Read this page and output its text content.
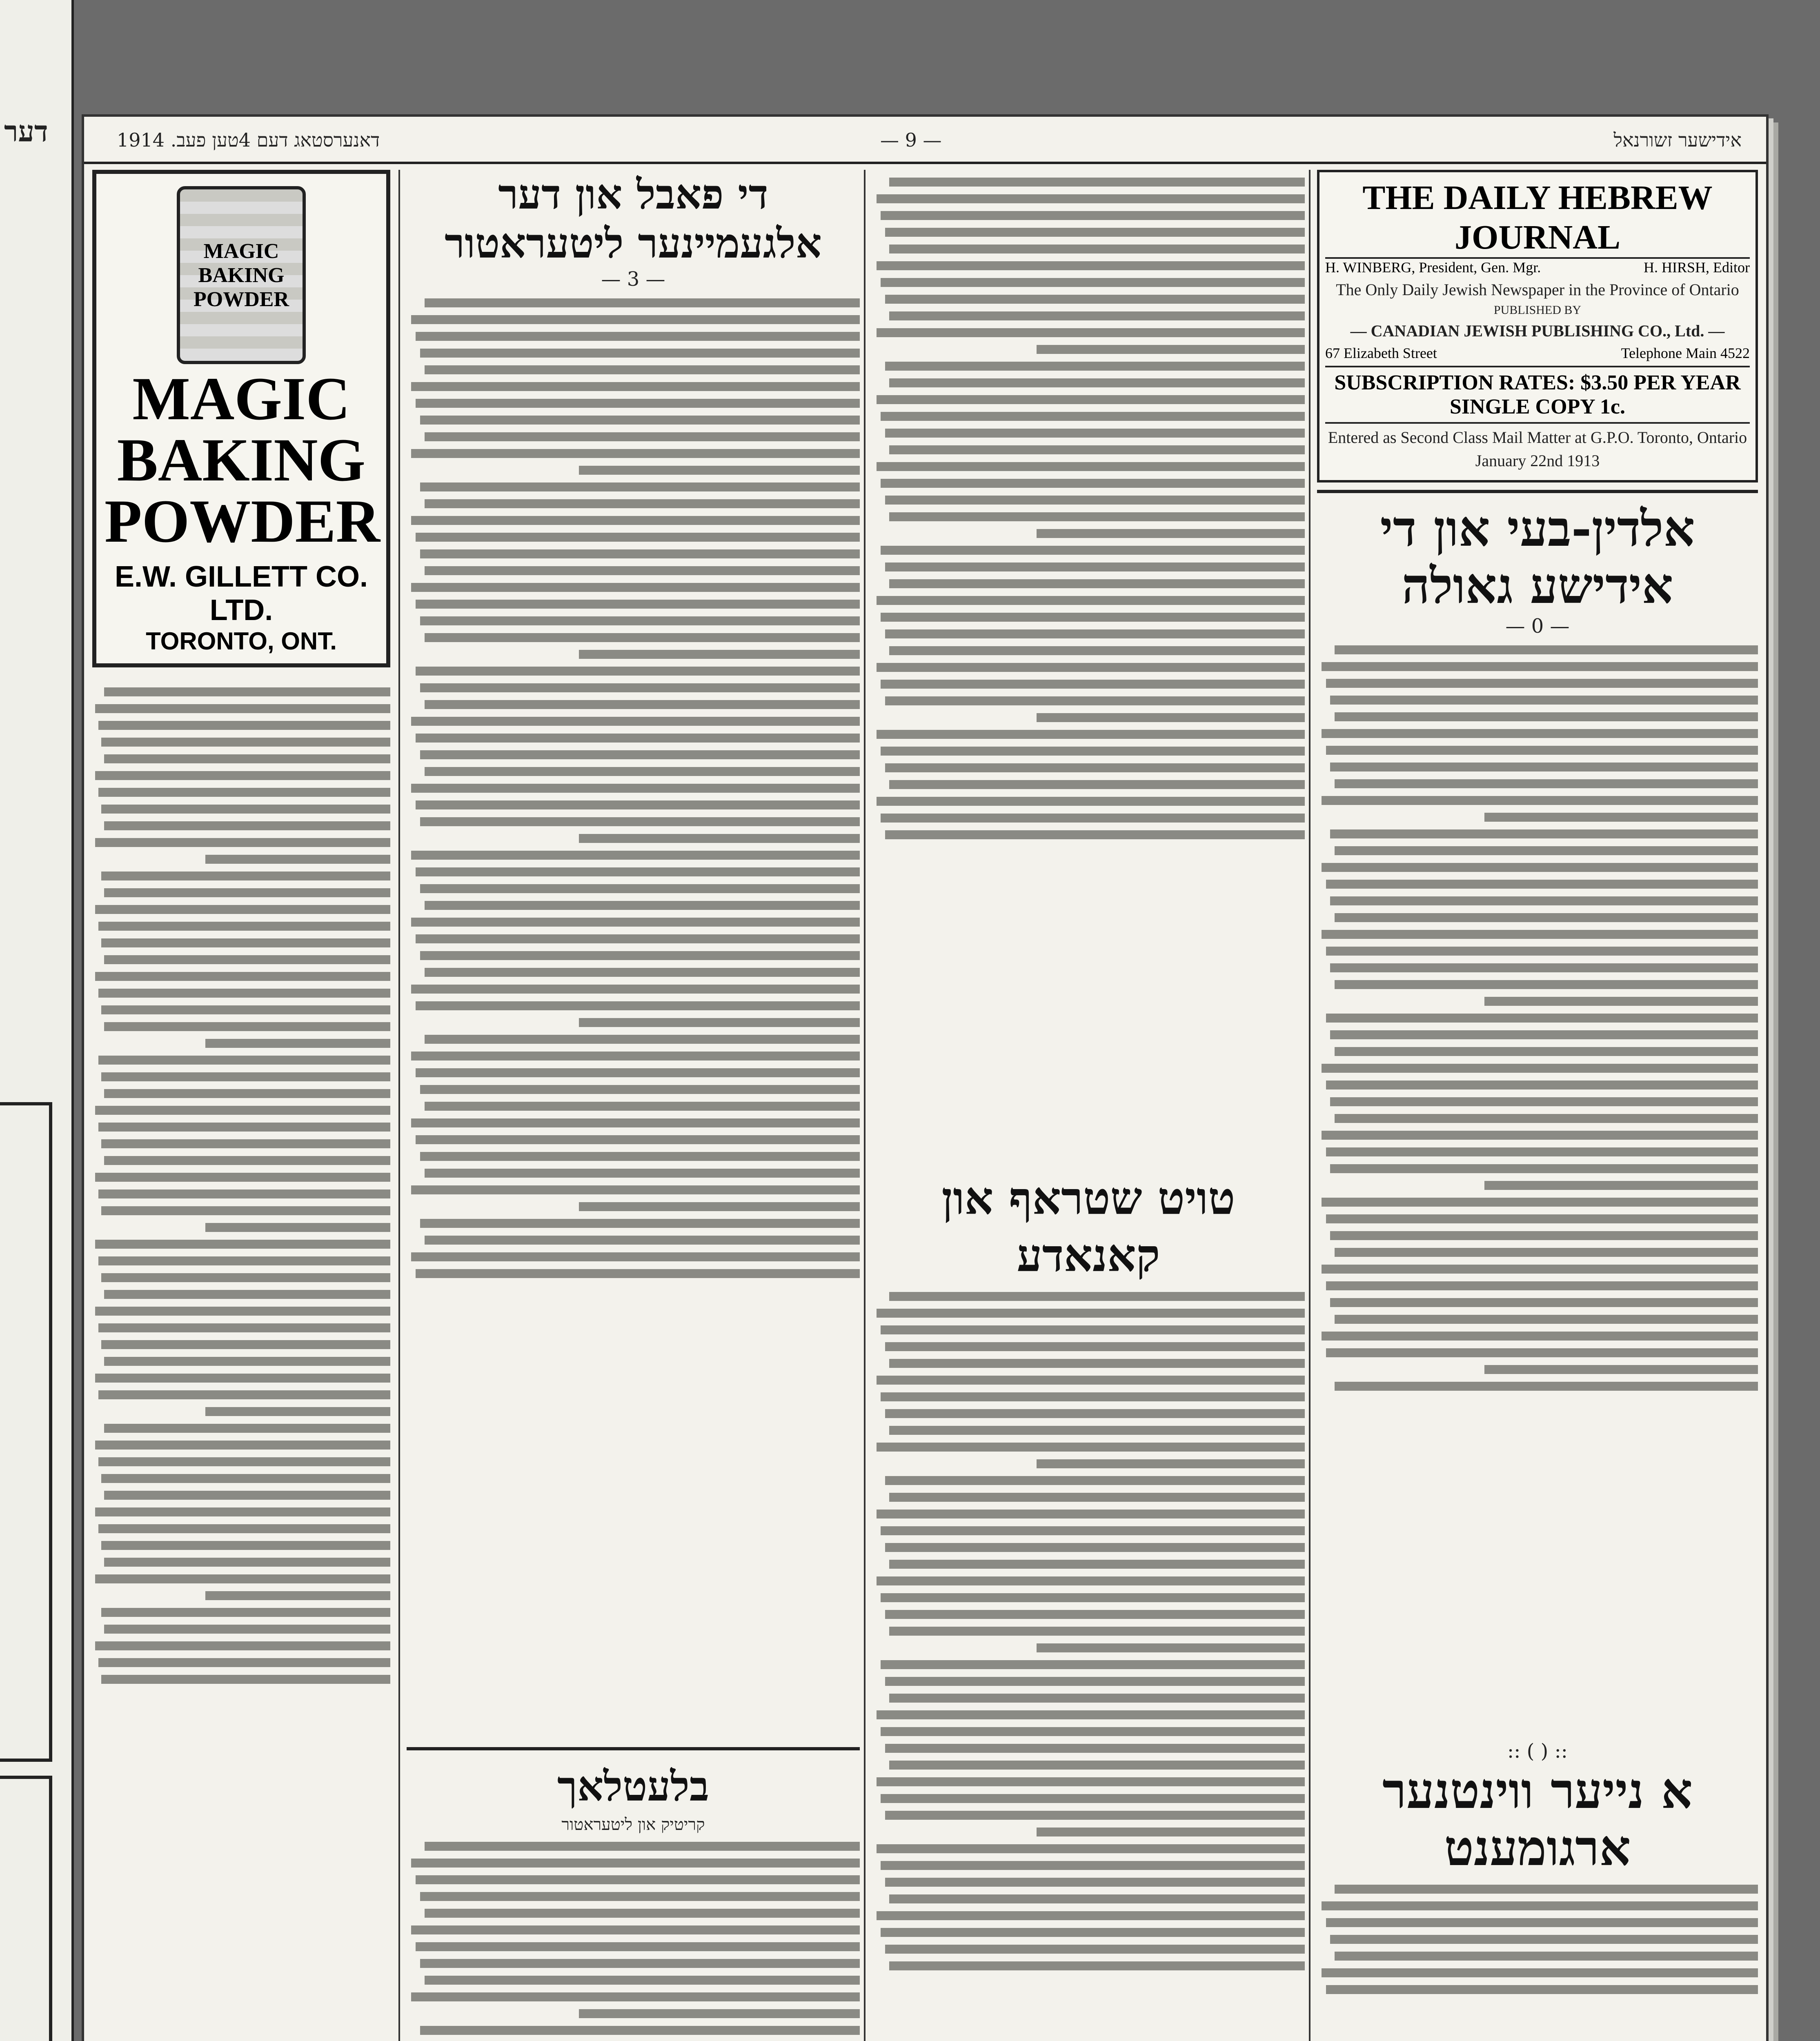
דער	אידישער זשורנאל
— 9 —
דאנערסטאג דעם 4טען פעב. 1914
THE DAILY HEBREW JOURNAL
H. WINBERG, President, Gen. Mgr.	H. HIRSH, Editor
The Only Daily Jewish Newspaper in the Province of Ontario
PUBLISHED BY
— CANADIAN JEWISH PUBLISHING CO., Ltd. —
67 Elizabeth Street	Telephone Main 4522
SUBSCRIPTION RATES: $3.50 PER YEAR
SINGLE COPY 1c.
Entered as Second Class Mail Matter at G.P.O. Toronto, Ontario
January 22nd 1913
אלדין-בעי און די אידישע גאולה
— 0 —
:: ( ) ::
א נייער ווינטנער ארגומענט
טויט שטראף און קאנאדע
די פאבל און דער אלגעמיינער ליטעראטור
— 3 —
בלעטלאך
קריטיק און ליטעראטור
MAGIC BAKING POWDER
MAGIC BAKING POWDER
E.W. GILLETT CO. LTD.
TORONTO, ONT.
